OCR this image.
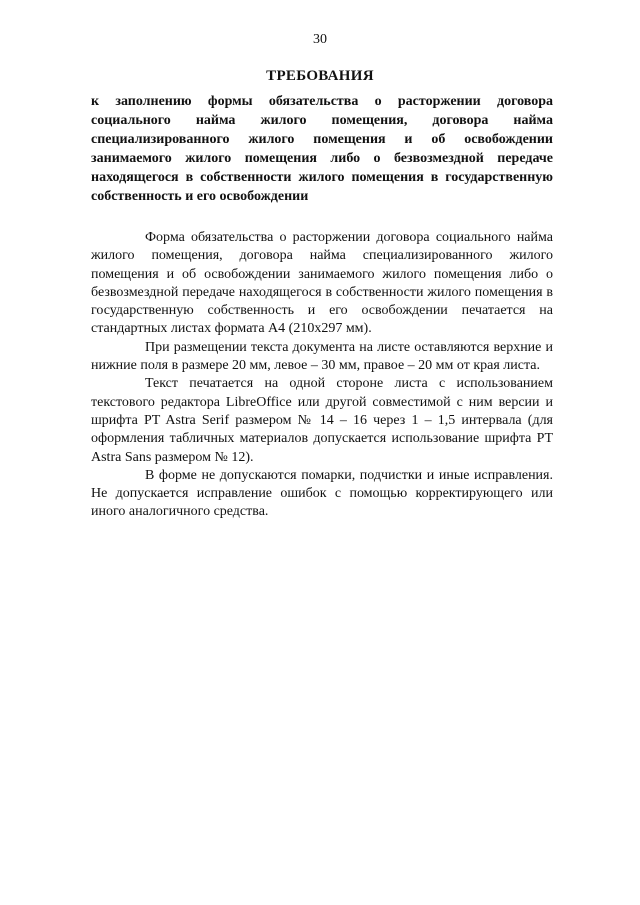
30
ТРЕБОВАНИЯ
к заполнению формы обязательства о расторжении договора социального найма жилого помещения, договора найма специализированного жилого помещения и об освобождении занимаемого жилого помещения либо о безвозмездной передаче находящегося в собственности жилого помещения в государственную собственность и его освобождении

Форма обязательства о расторжении договора социального найма жилого помещения, договора найма специализированного жилого помещения и об освобождении занимаемого жилого помещения либо о безвозмездной передаче находящегося в собственности жилого помещения в государственную собственность и его освобождении печатается на стандартных листах формата А4 (210х297 мм).

При размещении текста документа на листе оставляются верхние и нижние поля в размере 20 мм, левое – 30 мм, правое – 20 мм от края листа.

Текст печатается на одной стороне листа с использованием текстового редактора LibreOffice или другой совместимой с ним версии и шрифта PT Astra Serif размером № 14 – 16 через 1 – 1,5 интервала (для оформления табличных материалов допускается использование шрифта PT Astra Sans размером № 12).

В форме не допускаются помарки, подчистки и иные исправления. Не допускается исправление ошибок с помощью корректирующего или иного аналогичного средства.
